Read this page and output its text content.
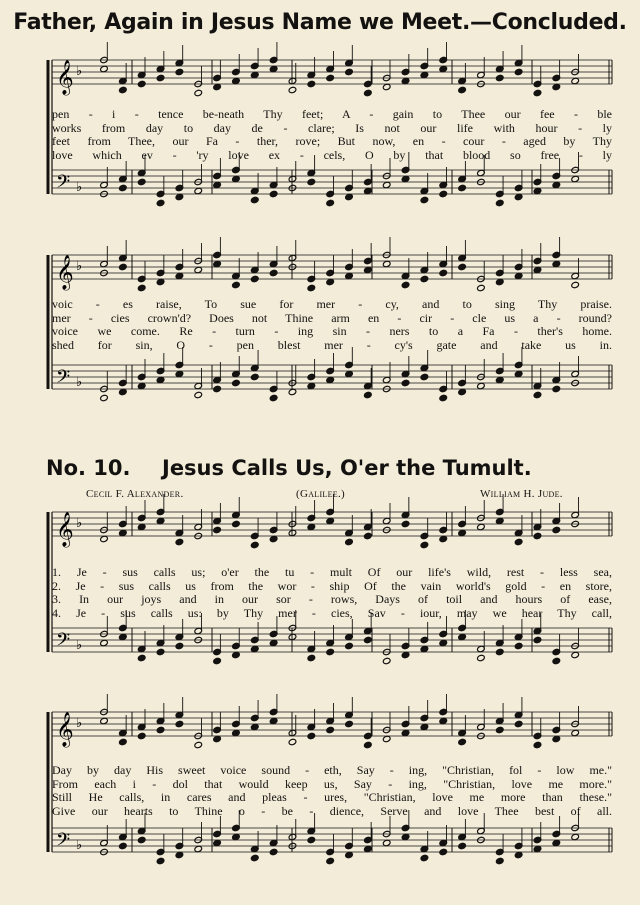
Father, Again in Jesus Name we Meet.—Concluded.
𝄞 ♭
𝄢 ♭
pen - i - tence be-neath Thy feet; A - gain to Thee our fee - ble
works from day to day de - clare; Is not our life with hour - ly
feet from Thee, our Fa - ther, rove; But now, en - cour - aged by Thy
love which ev - 'ry love ex - cels, O by that blood so free - ly
𝄞 ♭
𝄢 ♭
voic - es raise, To sue for mer - cy, and to sing Thy praise.
mer - cies crown'd? Does not Thine arm en - cir - cle us a - round?
voice we come. Re - turn - ing sin - ners to a Fa - ther's home.
shed for sin, O - pen blest mer - cy's gate and take us in.
No. 10. Jesus Calls Us, O'er the Tumult.
Cecil F. Alexander.	(Galilee.)	William H. Jude.
𝄞 ♭
𝄢 ♭
1. Je - sus calls us; o'er the tu - mult Of our life's wild, rest - less sea,
2. Je - sus calls us from the wor - ship Of the vain world's gold - en store,
3. In our joys and in our sor - rows, Days of toil and hours of ease,
4. Je - sus calls us: by Thy mer - cies, Sav - iour, may we hear Thy call,
𝄞 ♭
𝄢 ♭
Day by day His sweet voice sound - eth, Say - ing, "Christian, fol - low me."
From each i - dol that would keep us, Say - ing, "Christian, love me more."
Still He calls, in cares and pleas - ures, "Christian, love me more than these."
Give our hearts to Thine o - be - dience, Serve and love Thee best of all.
